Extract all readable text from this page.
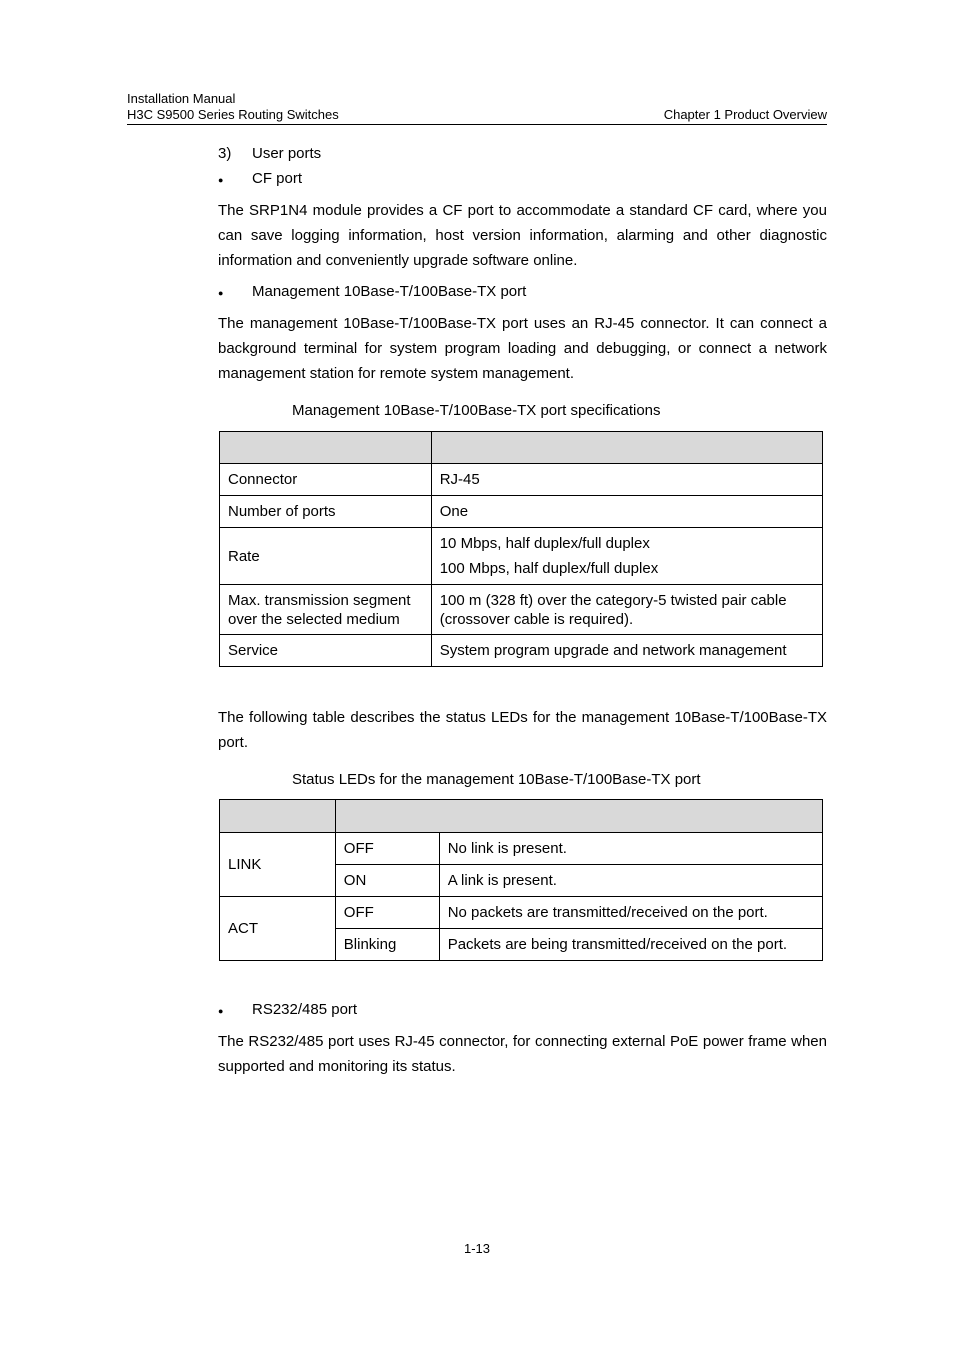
Installation Manual
H3C S9500 Series Routing Switches	Chapter 1 Product Overview
3) User ports
● CF port
The SRP1N4 module provides a CF port to accommodate a standard CF card, where you can save logging information, host version information, alarming and other diagnostic information and conveniently upgrade software online.
● Management 10Base-T/100Base-TX port
The management 10Base-T/100Base-TX port uses an RJ-45 connector. It can connect a background terminal for system program loading and debugging, or connect a network management station for remote system management.
The following table describes the status LEDs for the management 10Base-T/100Base-TX port.
● RS232/485 port
The RS232/485 port uses RJ-45 connector, for connecting external PoE power frame when supported and monitoring its status.
Management 10Base-T/100Base-TX port specifications

Connector	RJ-45
Number of ports	One
Rate	10 Mbps, half duplex/full duplex
100 Mbps, half duplex/full duplex

Max. transmission segment over the selected medium	100 m (328 ft) over the category-5 twisted pair cable (crossover cable is required).
Service	System program upgrade and network management
Status LEDs for the management 10Base-T/100Base-TX port

LINK	OFF	No link is present.
	ON	A link is present.
ACT	OFF	No packets are transmitted/received on the port.
	Blinking	Packets are being transmitted/received on the port.
1-13
